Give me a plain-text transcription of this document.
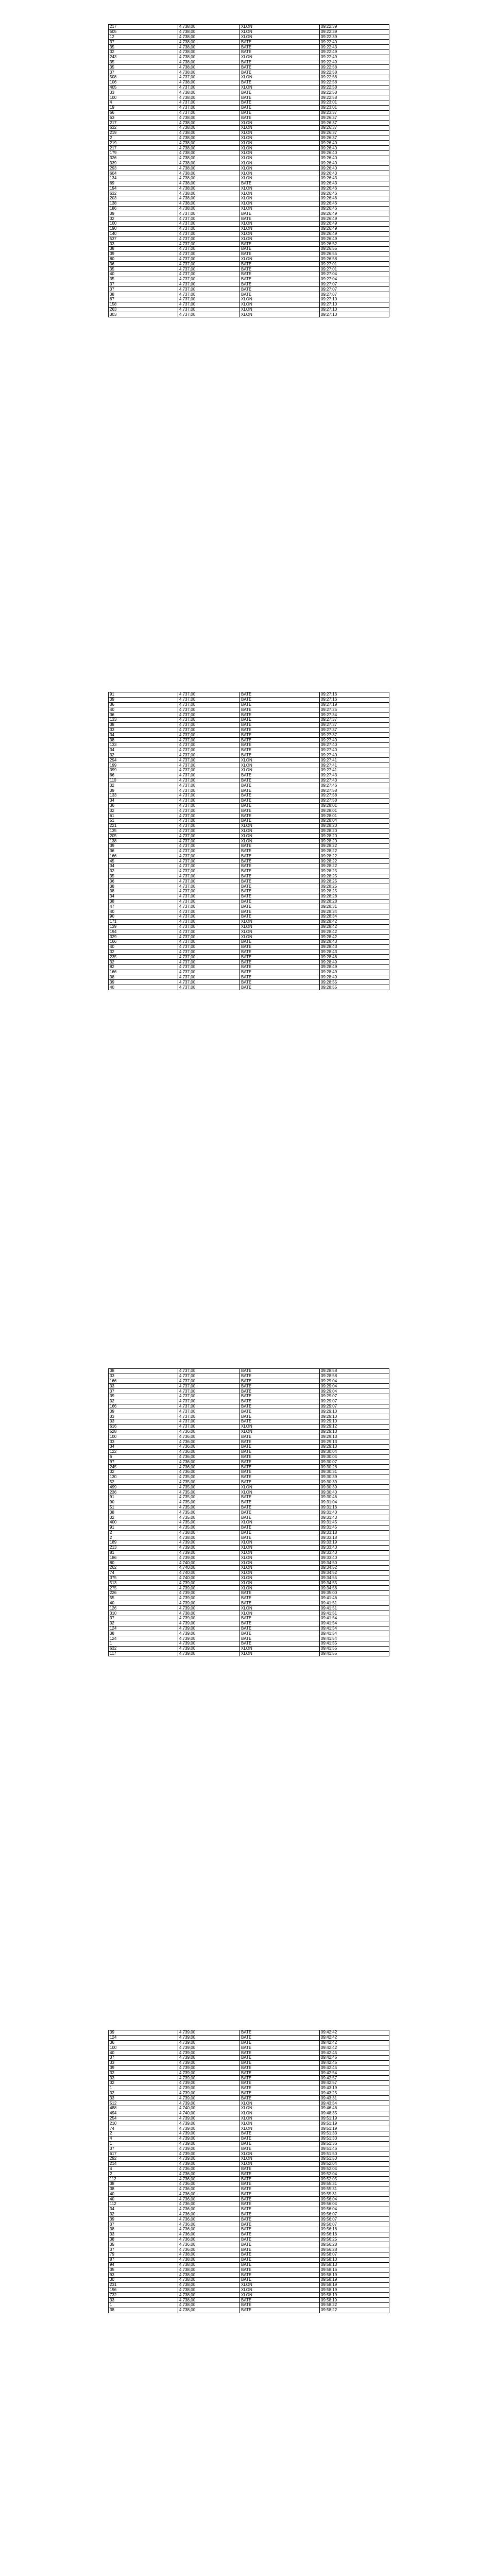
217	4.738,00	XLON	09:22:39
505	4.738,00	XLON	09:22:39
12	4.738,00	XLON	09:22:39
37	4.738,00	BATE	09:22:40
35	4.738,00	BATE	09:22:43
32	4.738,00	BATE	09:22:49
243	4.738,00	XLON	09:22:49
35	4.738,00	BATE	09:22:49
35	4.738,00	BATE	09:22:58
37	4.738,00	BATE	09:22:58
508	4.737,00	XLON	09:22:58
106	4.738,00	BATE	09:22:58
405	4.737,00	XLON	09:22:58
33	4.738,00	BATE	09:22:58
100	4.738,00	BATE	09:22:58
4	4.737,00	BATE	09:23:01
19	4.737,00	BATE	09:23:01
66	4.737,00	BATE	09:23:37
63	4.738,00	BATE	09:26:37
217	4.738,00	XLON	09:26:37
632	4.738,00	XLON	09:26:37
219	4.738,00	XLON	09:26:37
2	4.738,00	XLON	09:26:37
219	4.738,00	XLON	09:26:40
217	4.738,00	XLON	09:26:40
179	4.738,00	XLON	09:26:40
326	4.738,00	XLON	09:26:40
339	4.738,00	XLON	09:26:40
293	4.738,00	XLON	09:26:40
604	4.738,00	XLON	09:26:43
134	4.738,00	XLON	09:26:43
69	4.738,00	BATE	09:26:43
194	4.738,00	XLON	09:26:46
632	4.738,00	XLON	09:26:46
203	4.738,00	XLON	09:26:46
138	4.738,00	XLON	09:26:46
186	4.738,00	XLON	09:26:46
39	4.737,00	BATE	09:26:49
32	4.737,00	BATE	09:26:49
100	4.737,00	XLON	09:26:49
190	4.737,00	XLON	09:26:49
140	4.737,00	XLON	09:26:49
537	4.737,00	XLON	09:26:49
33	4.737,00	BATE	09:26:52
38	4.737,00	BATE	09:26:55
39	4.737,00	BATE	09:26:55
80	4.737,00	XLON	09:26:58
36	4.737,00	BATE	09:27:01
35	4.737,00	BATE	09:27:01
40	4.737,00	BATE	09:27:04
35	4.737,00	BATE	09:27:04
37	4.737,00	BATE	09:27:07
37	4.737,00	BATE	09:27:07
38	4.737,00	BATE	09:27:07
67	4.737,00	XLON	09:27:10
158	4.737,00	XLON	09:27:10
263	4.737,00	XLON	09:27:10
303	4.737,00	XLON	09:27:10
91	4.737,00	BATE	09:27:16
39	4.737,00	BATE	09:27:16
36	4.737,00	BATE	09:27:19
40	4.737,00	BATE	09:27:25
36	4.737,00	BATE	09:27:34
133	4.737,00	BATE	09:27:37
38	4.737,00	BATE	09:27:37
33	4.737,00	BATE	09:27:37
34	4.737,00	BATE	09:27:37
38	4.737,00	BATE	09:27:40
133	4.737,00	BATE	09:27:40
34	4.737,00	BATE	09:27:40
32	4.737,00	BATE	09:27:40
294	4.737,00	XLON	09:27:41
199	4.737,00	XLON	09:27:41
399	4.737,00	XLON	09:27:41
66	4.737,00	BATE	09:27:43
110	4.737,00	BATE	09:27:43
32	4.737,00	BATE	09:27:46
39	4.737,00	BATE	09:27:58
133	4.737,00	BATE	09:27:58
34	4.737,00	BATE	09:27:58
36	4.737,00	BATE	09:28:01
32	4.737,00	BATE	09:28:01
61	4.737,00	BATE	09:28:01
51	4.737,00	BATE	09:28:04
221	4.737,00	XLON	09:28:20
135	4.737,00	XLON	09:28:20
205	4.737,00	XLON	09:28:20
138	4.737,00	XLON	09:28:20
39	4.737,00	BATE	09:28:22
36	4.737,00	BATE	09:28:22
166	4.737,00	BATE	09:28:22
45	4.737,00	BATE	09:28:22
34	4.737,00	BATE	09:28:22
32	4.737,00	BATE	09:28:25
35	4.737,00	BATE	09:28:25
36	4.737,00	BATE	09:28:25
38	4.737,00	BATE	09:28:25
38	4.737,00	BATE	09:28:25
34	4.737,00	BATE	09:28:28
38	4.737,00	BATE	09:28:28
47	4.737,00	BATE	09:28:31
40	4.737,00	BATE	09:28:34
90	4.737,00	BATE	09:28:34
171	4.737,00	XLON	09:28:42
139	4.737,00	XLON	09:28:42
194	4.737,00	XLON	09:28:42
329	4.737,00	XLON	09:28:42
166	4.737,00	BATE	09:28:43
40	4.737,00	BATE	09:28:43
32	4.737,00	BATE	09:28:43
235	4.737,00	BATE	09:28:46
32	4.737,00	BATE	09:28:49
82	4.737,00	BATE	09:28:49
166	4.737,00	BATE	09:28:49
38	4.737,00	BATE	09:28:49
39	4.737,00	BATE	09:28:55
40	4.737,00	BATE	09:28:55
38	4.737,00	BATE	09:28:58
33	4.737,00	BATE	09:28:58
166	4.737,00	BATE	09:29:04
33	4.737,00	BATE	09:29:04
37	4.737,00	BATE	09:29:04
39	4.737,00	BATE	09:29:07
32	4.737,00	BATE	09:29:07
166	4.737,00	BATE	09:29:07
39	4.737,00	BATE	09:29:10
33	4.737,00	BATE	09:29:10
33	4.737,00	BATE	09:29:10
616	4.737,00	XLON	09:29:12
528	4.736,00	XLON	09:29:13
100	4.736,00	BATE	09:29:13
33	4.736,00	BATE	09:29:13
34	4.736,00	BATE	09:29:13
122	4.736,00	BATE	09:30:04
6	4.736,00	BATE	09:30:04
97	4.736,00	BATE	09:30:07
245	4.736,00	BATE	09:30:28
32	4.736,00	BATE	09:30:31
130	4.735,00	BATE	09:30:39
52	4.735,00	BATE	09:30:39
499	4.735,00	XLON	09:30:39
236	4.735,00	XLON	09:30:40
91	4.735,00	BATE	09:30:46
90	4.735,00	BATE	09:31:04
51	4.735,00	BATE	09:31:16
38	4.735,00	BATE	09:31:40
32	4.735,00	BATE	09:31:43
400	4.735,00	XLON	09:31:45
91	4.735,00	BATE	09:31:45
2	4.738,00	BATE	09:33:18
2	4.738,00	BATE	09:33:18
189	4.739,00	XLON	09:33:19
213	4.739,00	XLON	09:33:40
81	4.739,00	XLON	09:33:40
186	4.739,00	XLON	09:33:40
80	4.740,00	XLON	09:34:50
262	4.740,00	XLON	09:34:52
74	4.740,00	XLON	09:34:52
375	4.740,00	XLON	09:34:55
513	4.739,00	XLON	09:34:55
275	4.739,00	XLON	09:34:56
226	4.739,00	BATE	09:35:00
55	4.739,00	BATE	09:41:46
40	4.739,00	BATE	09:41:51
126	4.739,00	XLON	09:41:51
310	4.738,00	XLON	09:41:51
37	4.739,00	BATE	09:41:54
32	4.739,00	BATE	09:41:54
124	4.739,00	BATE	09:41:54
38	4.739,00	BATE	09:41:54
124	4.739,00	BATE	09:41:54
1	4.739,00	BATE	09:41:55
632	4.739,00	XLON	09:41:55
117	4.739,00	XLON	09:41:55
39	4.739,00	BATE	09:42:42
124	4.739,00	BATE	09:42:42
36	4.739,00	BATE	09:42:42
100	4.739,00	BATE	09:42:42
40	4.739,00	BATE	09:42:45
37	4.739,00	BATE	09:42:45
33	4.739,00	BATE	09:42:45
39	4.739,00	BATE	09:42:45
32	4.739,00	BATE	09:42:54
33	4.739,00	BATE	09:42:57
32	4.739,00	BATE	09:42:57
1	4.739,00	BATE	09:43:19
32	4.739,00	BATE	09:43:25
33	4.739,00	BATE	09:43:31
512	4.739,00	XLON	09:43:54
488	4.740,00	XLON	09:46:46
494	4.740,00	XLON	09:48:35
254	4.739,00	XLON	09:51:19
210	4.739,00	XLON	09:51:19
74	4.739,00	XLON	09:51:19
2	4.739,00	BATE	09:51:33
4	4.739,00	BATE	09:51:33
1	4.739,00	BATE	09:51:36
37	4.739,00	BATE	09:51:46
617	4.739,00	XLON	09:51:50
292	4.739,00	XLON	09:51:50
214	4.739,00	XLON	09:52:04
4	4.736,00	BATE	09:52:04
2	4.736,00	BATE	09:52:04
112	4.736,00	BATE	09:52:05
38	4.736,00	BATE	09:55:31
38	4.736,00	BATE	09:55:31
40	4.736,00	BATE	09:55:31
40	4.736,00	BATE	09:56:04
112	4.736,00	BATE	09:56:04
34	4.736,00	BATE	09:56:04
32	4.736,00	BATE	09:56:07
39	4.736,00	BATE	09:56:07
37	4.736,00	BATE	09:56:07
38	4.736,00	BATE	09:56:16
33	4.736,00	BATE	09:56:16
38	4.736,00	BATE	09:56:25
35	4.736,00	BATE	09:56:28
37	4.736,00	BATE	09:56:28
79	4.738,00	BATE	09:58:07
87	4.738,00	BATE	09:58:10
94	4.738,00	BATE	09:58:13
35	4.738,00	BATE	09:58:16
93	4.738,00	BATE	09:58:19
30	4.738,00	BATE	09:58:19
231	4.738,00	XLON	09:58:19
196	4.738,00	XLON	09:58:19
732	4.738,00	XLON	09:58:19
33	4.738,00	BATE	09:58:19
1	4.738,00	BATE	09:58:22
38	4.738,00	BATE	09:58:22
